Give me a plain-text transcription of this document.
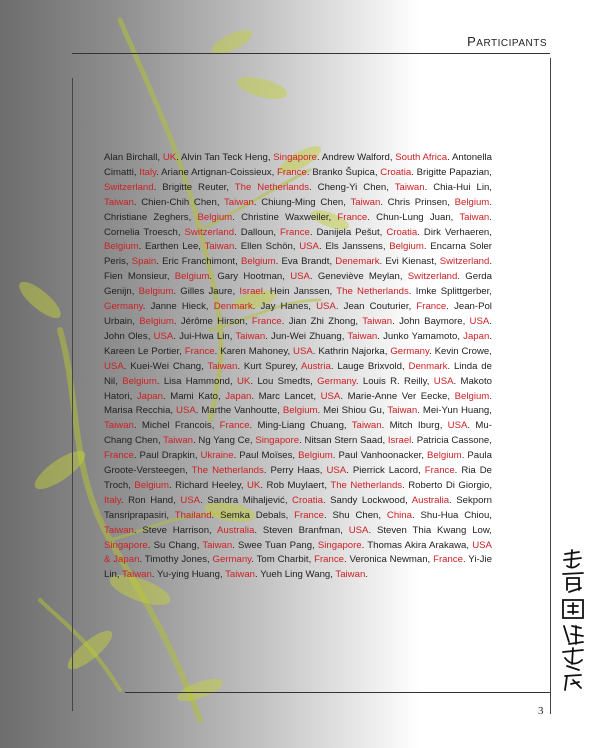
PARTICIPANTS
Alan Birchall, UK. Alvin Tan Teck Heng, Singapore. Andrew Walford, South Africa. Antonella Cimatti, Italy. Ariane Artignan-Coissieux, France. Branko Šupica, Croatia. Brigitte Papazian, Switzerland. Brigitte Reuter, The Netherlands. Cheng-Yi Chen, Taiwan. Chia-Hui Lin, Taiwan. Chien-Chih Chen, Taiwan. Chiung-Ming Chen, Taiwan. Chris Prinsen, Belgium. Christiane Zeghers, Belgium. Christine Waxweiler, France. Chun-Lung Juan, Taiwan. Cornelia Troesch, Switzerland. Dalloun, France. Danijela Pešut, Croatia. Dirk Verhaeren, Belgium. Earthen Lee, Taiwan. Ellen Schön, USA. Els Janssens, Belgium. Encarna Soler Peris, Spain. Eric Franchimont, Belgium. Eva Brandt, Denemark. Evi Kienast, Switzerland. Fien Monsieur, Belgium. Gary Hootman, USA. Geneviève Meylan, Switzerland. Gerda Genijn, Belgium. Gilles Jaure, Israel. Hein Janssen, The Netherlands. Imke Splittgerber, Germany. Janne Hieck, Denmark. Jay Hanes, USA. Jean Couturier, France. Jean-Pol Urbain, Belgium. Jérôme Hirson, France. Jian Zhi Zhong, Taiwan. John Baymore, USA. John Oles, USA. Jui-Hwa Lin, Taiwan. Jun-Wei Zhuang, Taiwan. Junko Yamamoto, Japan. Kareen Le Portier, France. Karen Mahoney, USA. Kathrin Najorka, Germany. Kevin Crowe, USA. Kuei-Wei Chang, Taiwan. Kurt Spurey, Austria. Lauge Brixvold, Denmark. Linda de Nil, Belgium. Lisa Hammond, UK. Lou Smedts, Germany. Louis R. Reilly, USA. Makoto Hatori, Japan. Mami Kato, Japan. Marc Lancet, USA. Marie-Anne Ver Eecke, Belgium. Marisa Recchia, USA. Marthe Vanhoutte, Belgium. Mei Shiou Gu, Taiwan. Mei-Yun Huang, Taiwan. Michel Francois, France. Ming-Liang Chuang, Taiwan. Mitch Iburg, USA. Mu-Chang Chen, Taiwan. Ng Yang Ce, Singapore. Nitsan Stern Saad, Israel. Patricia Cassone, France. Paul Drapkin, Ukraine. Paul Moïses, Belgium. Paul Vanhoonacker, Belgium. Paula Groote-Versteegen, The Netherlands. Perry Haas, USA. Pierrick Lacord, France. Ria De Troch, Belgium. Richard Heeley, UK. Rob Muylaert, The Netherlands. Roberto Di Giorgio, Italy. Ron Hand, USA. Sandra Mihaljević, Croatia. Sandy Lockwood, Australia. Sekporn Tansriprapasiri, Thailand. Semka Debals, France. Shu Chen, China. Shu-Hua Chiou, Taiwan. Steve Harrison, Australia. Steven Branfman, USA. Steven Thia Kwang Low, Singapore. Su Chang, Taiwan. Swee Tuan Pang, Singapore. Thomas Akira Arakawa, USA & Japan. Timothy Jones, Germany. Tom Charbit, France. Veronica Newman, France. Yi-Jie Lin, Taiwan. Yu-ying Huang, Taiwan. Yueh Ling Wang, Taiwan.
3
